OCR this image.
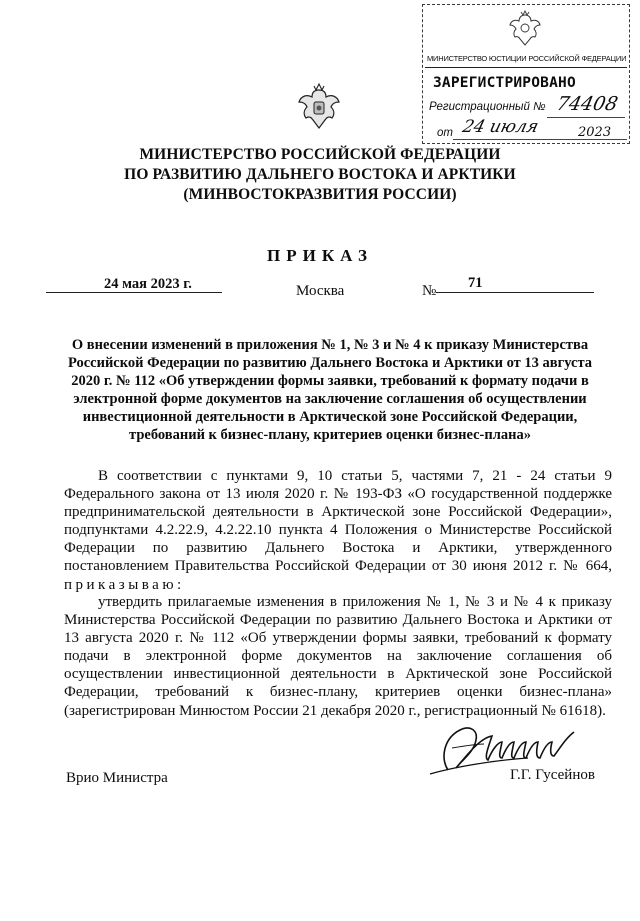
МИНИСТЕРСТВО ЮСТИЦИИ РОССИЙСКОЙ ФЕДЕРАЦИИ
ЗАРЕГИСТРИРОВАНО
Регистрационный № 74408
от 24 июля	2023
МИНИСТЕРСТВО РОССИЙСКОЙ ФЕДЕРАЦИИ
ПО РАЗВИТИЮ ДАЛЬНЕГО ВОСТОКА И АРКТИКИ
(МИНВОСТОКРАЗВИТИЯ РОССИИ)
ПРИКАЗ
24 мая 2023 г.	Москва	№ 71
О внесении изменений в приложения № 1, № 3 и № 4 к приказу Министерства Российской Федерации по развитию Дальнего Востока и Арктики от 13 августа 2020 г. № 112 «Об утверждении формы заявки, требований к формату подачи в электронной форме документов на заключение соглашения об осуществлении инвестиционной деятельности в Арктической зоне Российской Федерации, требований к бизнес-плану, критериев оценки бизнес-плана»
В соответствии с пунктами 9, 10 статьи 5, частями 7, 21 - 24 статьи 9 Федерального закона от 13 июля 2020 г. № 193-ФЗ «О государственной поддержке предпринимательской деятельности в Арктической зоне Российской Федерации», подпунктами 4.2.22.9, 4.2.22.10 пункта 4 Положения о Министерстве Российской Федерации по развитию Дальнего Востока и Арктики, утвержденного постановлением Правительства Российской Федерации от 30 июня 2012 г. № 664, приказываю:
утвердить прилагаемые изменения в приложения № 1, № 3 и № 4 к приказу Министерства Российской Федерации по развитию Дальнего Востока и Арктики от 13 августа 2020 г. № 112 «Об утверждении формы заявки, требований к формату подачи в электронной форме документов на заключение соглашения об осуществлении инвестиционной деятельности в Арктической зоне Российской Федерации, требований к бизнес-плану, критериев оценки бизнес-плана» (зарегистрирован Минюстом России 21 декабря 2020 г., регистрационный № 61618).
Врио Министра	Г.Г. Гусейнов
